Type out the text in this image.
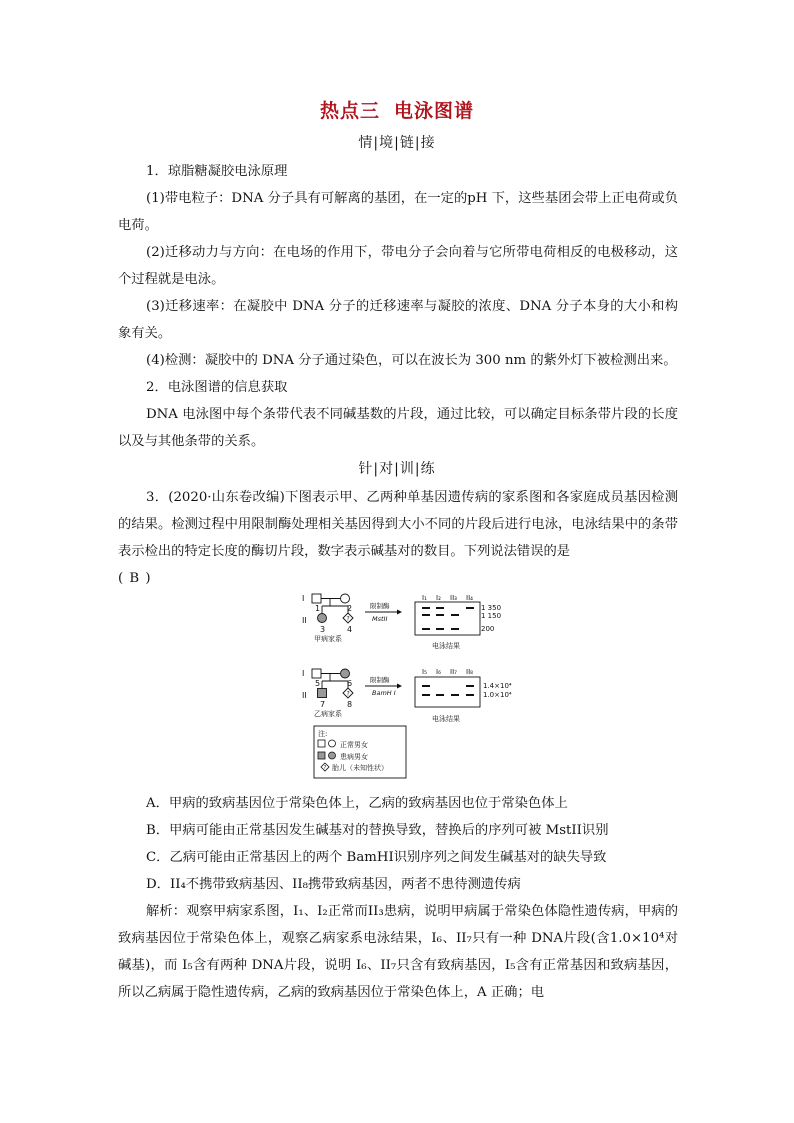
热点三 电泳图谱
情|境|链|接
1．琼脂糖凝胶电泳原理
(1)带电粒子：DNA 分子具有可解离的基团，在一定的pH 下，这些基团会带上正电荷或负电荷。
(2)迁移动力与方向：在电场的作用下，带电分子会向着与它所带电荷相反的电极移动，这个过程就是电泳。
(3)迁移速率：在凝胶中 DNA 分子的迁移速率与凝胶的浓度、DNA 分子本身的大小和构象有关。
(4)检测：凝胶中的 DNA 分子通过染色，可以在波长为 300 nm 的紫外灯下被检测出来。
2．电泳图谱的信息获取
DNA 电泳图中每个条带代表不同碱基数的片段，通过比较，可以确定目标条带片段的长度以及与其他条带的关系。
针|对|训|练
3．(2020·山东卷改编)下图表示甲、乙两种单基因遗传病的家系图和各家庭成员基因检测的结果。检测过程中用限制酶处理相关基因得到大小不同的片段后进行电泳，电泳结果中的条带表示检出的特定长度的酶切片段，数字表示碱基对的数目。下列说法错误的是
( B )
I
1	2
II	?
3	4
甲病家系
限制酶
MstII
I₁ I₂ II₃ II₄
1 350
1 150
200
电泳结果
I
5	6
II	?
7	8
乙病家系
限制酶
BamH I
I₅ I₆ II₇ II₈
1.4×10⁴
1.0×10⁴
电泳结果
注:
正常男女
患病男女
? 胎儿（未知性状）
A．甲病的致病基因位于常染色体上，乙病的致病基因也位于常染色体上
B．甲病可能由正常基因发生碱基对的替换导致，替换后的序列可被 MstII识别
C．乙病可能由正常基因上的两个 BamHI识别序列之间发生碱基对的缺失导致
D．II₄不携带致病基因、II₈携带致病基因，两者不患待测遗传病
解析：观察甲病家系图，I₁、I₂正常而II₃患病，说明甲病属于常染色体隐性遗传病，甲病的致病基因位于常染色体上，观察乙病家系电泳结果，I₆、II₇只有一种 DNA片段(含1.0×10⁴对碱基)，而 I₅含有两种 DNA片段，说明 I₆、II₇只含有致病基因，I₅含有正常基因和致病基因，所以乙病属于隐性遗传病，乙病的致病基因位于常染色体上，A 正确；电
